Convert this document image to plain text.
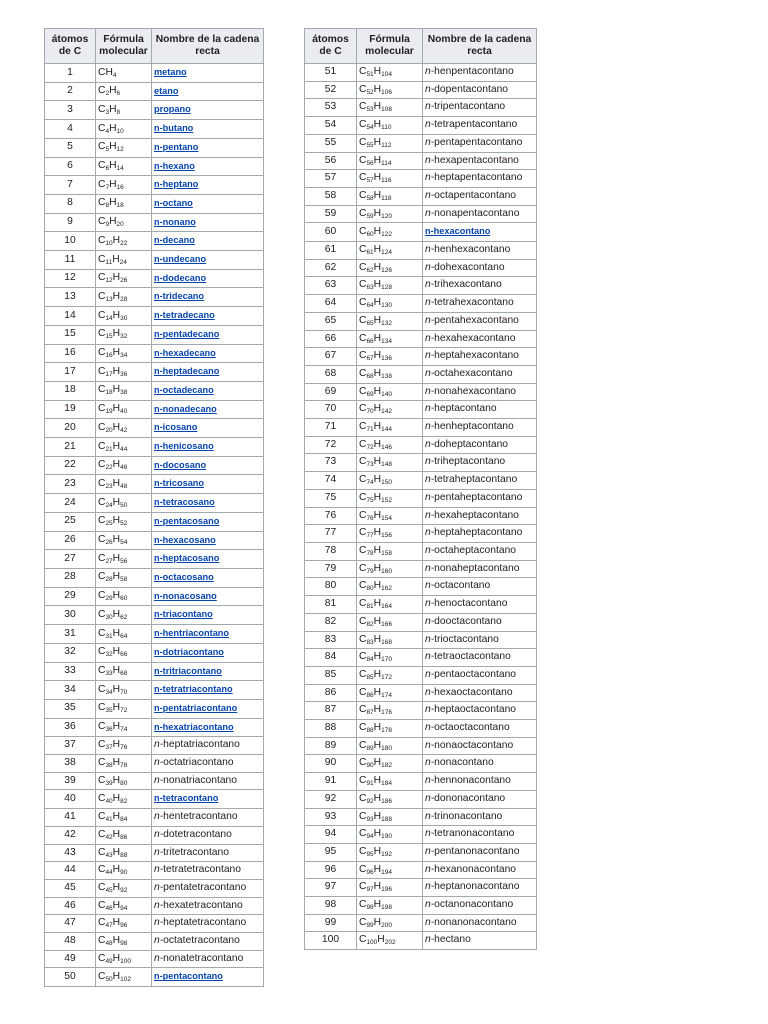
átomos de C	Fórmula molecular	Nombre de la cadena recta
1	$CH_4$	metano
2	$C_2H_6$	etano
3	$C_3H_8$	propano
4	$C_4H_{10}$	n-butano
5	$C_5H_{12}$	n-pentano
6	$C_6H_{14}$	n-hexano
7	$C_7H_{16}$	n-heptano
8	$C_8H_{18}$	n-octano
9	$C_9H_{20}$	n-nonano
10	$C_{10}H_{22}$	n-decano
11	$C_{11}H_{24}$	n-undecano
12	$C_{12}H_{26}$	n-dodecano
13	$C_{13}H_{28}$	n-tridecano
14	$C_{14}H_{30}$	n-tetradecano
15	$C_{15}H_{32}$	n-pentadecano
16	$C_{16}H_{34}$	n-hexadecano
17	$C_{17}H_{36}$	n-heptadecano
18	$C_{18}H_{38}$	n-octadecano
19	$C_{19}H_{40}$	n-nonadecano
20	$C_{20}H_{42}$	n-icosano
21	$C_{21}H_{44}$	n-henicosano
22	$C_{22}H_{46}$	n-docosano
23	$C_{23}H_{48}$	n-tricosano
24	$C_{24}H_{50}$	n-tetracosano
25	$C_{25}H_{52}$	n-pentacosano
26	$C_{26}H_{54}$	n-hexacosano
27	$C_{27}H_{56}$	n-heptacosano
28	$C_{28}H_{58}$	n-octacosano
29	$C_{29}H_{60}$	n-nonacosano
30	$C_{30}H_{62}$	n-triacontano
31	$C_{31}H_{64}$	n-hentriacontano
32	$C_{32}H_{66}$	n-dotriacontano
33	$C_{33}H_{68}$	n-tritriacontano
34	$C_{34}H_{70}$	n-tetratriacontano
35	$C_{35}H_{72}$	n-pentatriacontano
36	$C_{36}H_{74}$	n-hexatriacontano
37	$C_{37}H_{76}$	n-heptatriacontano
38	$C_{38}H_{78}$	n-octatriacontano
39	$C_{39}H_{80}$	n-nonatriacontano
40	$C_{40}H_{82}$	n-tetracontano
41	$C_{41}H_{84}$	n-hentetracontano
42	$C_{42}H_{86}$	n-dotetracontano
43	$C_{43}H_{88}$	n-tritetracontano
44	$C_{44}H_{90}$	n-tetratetracontano
45	$C_{45}H_{92}$	n-pentatetracontano
46	$C_{46}H_{94}$	n-hexatetracontano
47	$C_{47}H_{96}$	n-heptatetracontano
48	$C_{48}H_{98}$	n-octatetracontano
49	$C_{49}H_{100}$	n-nonatetracontano
50	$C_{50}H_{102}$	n-pentacontano
átomos de C	Fórmula molecular	Nombre de la cadena recta
51	$C_{51}H_{104}$	n-henpentacontano
52	$C_{52}H_{106}$	n-dopentacontano
53	$C_{53}H_{108}$	n-tripentacontano
54	$C_{54}H_{110}$	n-tetrapentacontano
55	$C_{55}H_{112}$	n-pentapentacontano
56	$C_{56}H_{114}$	n-hexapentacontano
57	$C_{57}H_{116}$	n-heptapentacontano
58	$C_{58}H_{118}$	n-octapentacontano
59	$C_{59}H_{120}$	n-nonapentacontano
60	$C_{60}H_{122}$	n-hexacontano
61	$C_{61}H_{124}$	n-henhexacontano
62	$C_{62}H_{126}$	n-dohexacontano
63	$C_{63}H_{128}$	n-trihexacontano
64	$C_{64}H_{130}$	n-tetrahexacontano
65	$C_{65}H_{132}$	n-pentahexacontano
66	$C_{66}H_{134}$	n-hexahexacontano
67	$C_{67}H_{136}$	n-heptahexacontano
68	$C_{68}H_{138}$	n-octahexacontano
69	$C_{69}H_{140}$	n-nonahexacontano
70	$C_{70}H_{142}$	n-heptacontano
71	$C_{71}H_{144}$	n-henheptacontano
72	$C_{72}H_{146}$	n-doheptacontano
73	$C_{73}H_{148}$	n-triheptacontano
74	$C_{74}H_{150}$	n-tetraheptacontano
75	$C_{75}H_{152}$	n-pentaheptacontano
76	$C_{76}H_{154}$	n-hexaheptacontano
77	$C_{77}H_{156}$	n-heptaheptacontano
78	$C_{78}H_{158}$	n-octaheptacontano
79	$C_{79}H_{160}$	n-nonaheptacontano
80	$C_{80}H_{162}$	n-octacontano
81	$C_{81}H_{164}$	n-henoctacontano
82	$C_{82}H_{166}$	n-dooctacontano
83	$C_{83}H_{168}$	n-trioctacontano
84	$C_{84}H_{170}$	n-tetraoctacontano
85	$C_{85}H_{172}$	n-pentaoctacontano
86	$C_{86}H_{174}$	n-hexaoctacontano
87	$C_{87}H_{176}$	n-heptaoctacontano
88	$C_{88}H_{178}$	n-octaoctacontano
89	$C_{89}H_{180}$	n-nonaoctacontano
90	$C_{90}H_{182}$	n-nonacontano
91	$C_{91}H_{184}$	n-hennonacontano
92	$C_{92}H_{186}$	n-dononacontano
93	$C_{93}H_{188}$	n-trinonacontano
94	$C_{94}H_{190}$	n-tetranonacontano
95	$C_{95}H_{192}$	n-pentanonacontano
96	$C_{96}H_{194}$	n-hexanonacontano
97	$C_{97}H_{196}$	n-heptanonacontano
98	$C_{98}H_{198}$	n-octanonacontano
99	$C_{99}H_{200}$	n-nonanonacontano
100	$C_{100}H_{202}$	n-hectano
